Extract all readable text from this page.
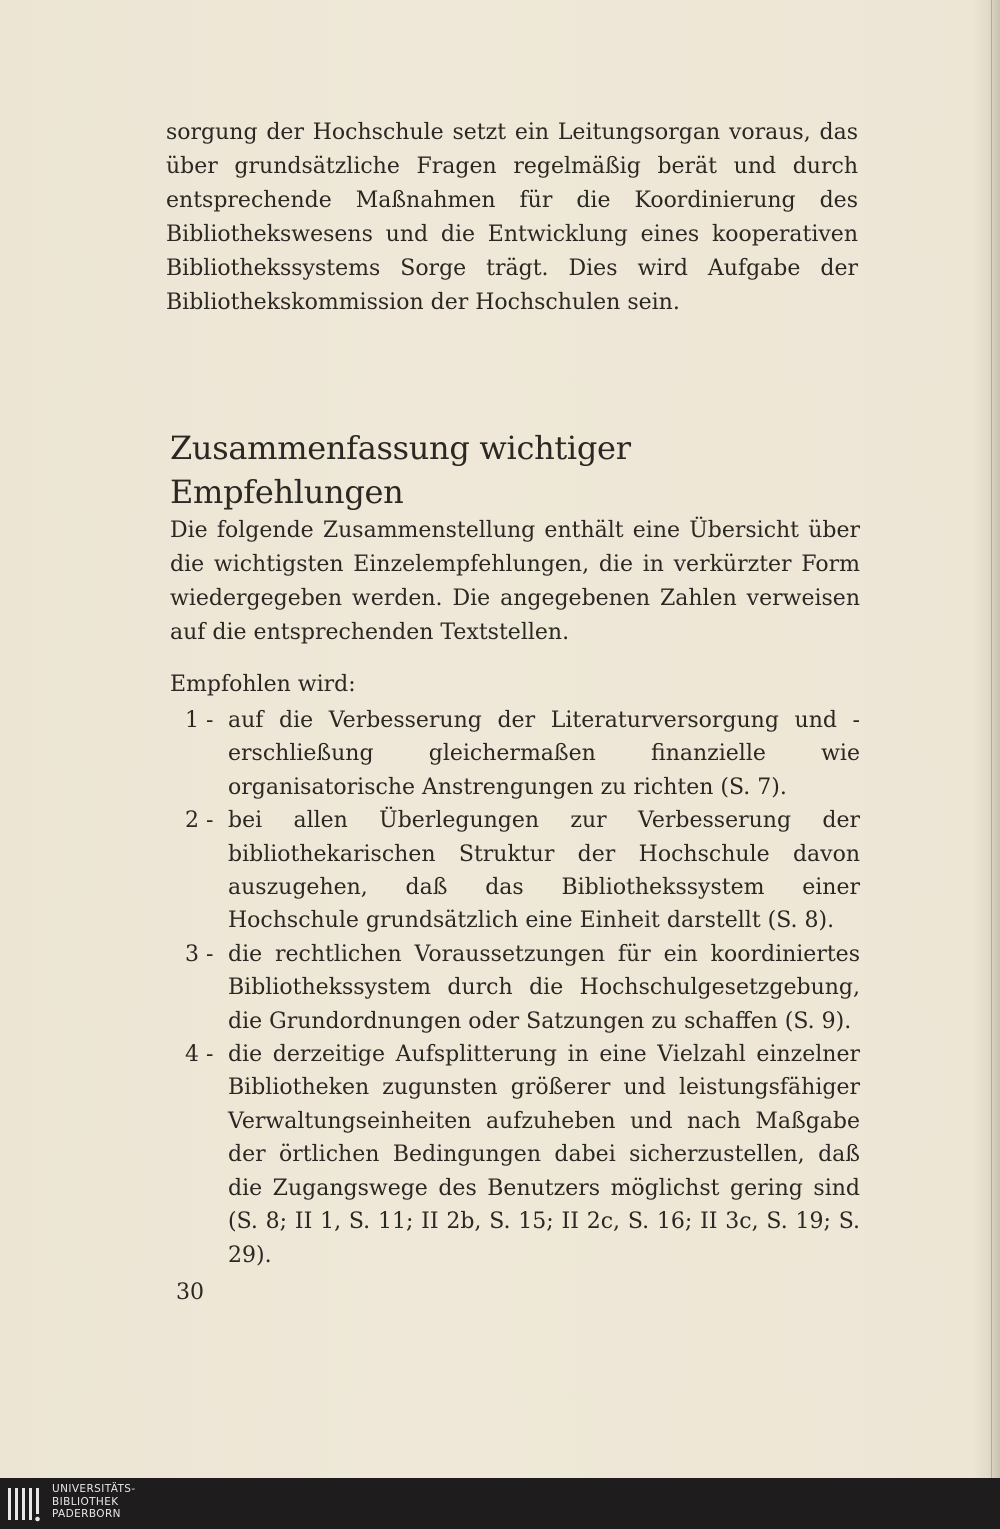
sorgung der Hochschule setzt ein Leitungsorgan voraus, das über grundsätzliche Fragen regelmäßig berät und durch entsprechende Maßnahmen für die Koordinierung des Bibliothekswesens und die Entwicklung eines kooperativen Bibliothekssystems Sorge trägt. Dies wird Aufgabe der Bibliothekskommission der Hochschulen sein.
Zusammenfassung wichtiger Empfehlungen
Die folgende Zusammenstellung enthält eine Übersicht über die wichtigsten Einzelempfehlungen, die in verkürzter Form wiedergegeben werden. Die angegebenen Zahlen verweisen auf die entsprechenden Textstellen.
Empfohlen wird:
1 - auf die Verbesserung der Literaturversorgung und -erschließung gleichermaßen finanzielle wie organisatorische Anstrengungen zu richten (S. 7).
2 - bei allen Überlegungen zur Verbesserung der bibliothekarischen Struktur der Hochschule davon auszugehen, daß das Bibliothekssystem einer Hochschule grundsätzlich eine Einheit darstellt (S. 8).
3 - die rechtlichen Voraussetzungen für ein koordiniertes Bibliothekssystem durch die Hochschulgesetzgebung, die Grundordnungen oder Satzungen zu schaffen (S. 9).
4 - die derzeitige Aufsplitterung in eine Vielzahl einzelner Bibliotheken zugunsten größerer und leistungsfähiger Verwaltungseinheiten aufzuheben und nach Maßgabe der örtlichen Bedingungen dabei sicherzustellen, daß die Zugangswege des Benutzers möglichst gering sind (S. 8; II 1, S. 11; II 2b, S. 15; II 2c, S. 16; II 3c, S. 19; S. 29).
30
UNIVERSITÄTS-
BIBLIOTHEK
PADERBORN
